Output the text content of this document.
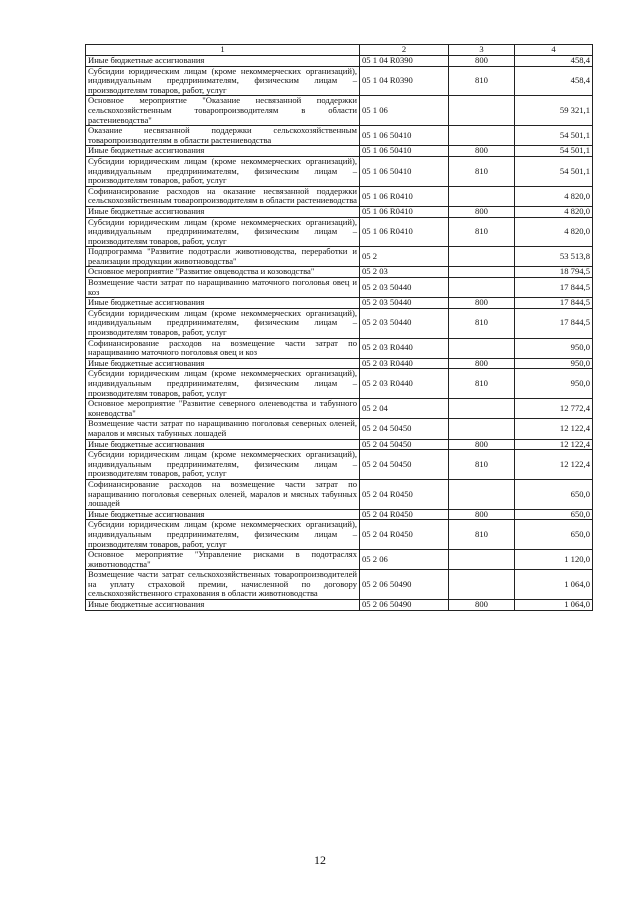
1	2	3	4
Иные бюджетные ассигнования	05 1 04 R0390	800	458,4
Субсидии юридическим лицам (кроме некоммерческих организаций), индивидуальным предпринимателям, физическим лицам – производителям товаров, работ, услуг	05 1 04 R0390	810	458,4
Основное мероприятие "Оказание несвязанной поддержки сельскохозяйственным товаропроизводителям в области растениеводства"	05 1 06		59 321,1
Оказание несвязанной поддержки сельскохозяйственным товаропроизводителям в области растениеводства	05 1 06 50410		54 501,1
Иные бюджетные ассигнования	05 1 06 50410	800	54 501,1
Субсидии юридическим лицам (кроме некоммерческих организаций), индивидуальным предпринимателям, физическим лицам – производителям товаров, работ, услуг	05 1 06 50410	810	54 501,1
Софинансирование расходов на оказание несвязанной поддержки сельскохозяйственным товаропроизводителям в области растениеводства	05 1 06 R0410		4 820,0
Иные бюджетные ассигнования	05 1 06 R0410	800	4 820,0
Субсидии юридическим лицам (кроме некоммерческих организаций), индивидуальным предпринимателям, физическим лицам – производителям товаров, работ, услуг	05 1 06 R0410	810	4 820,0
Подпрограмма "Развитие подотрасли животноводства, переработки и реализации продукции животноводства"	05 2		53 513,8
Основное мероприятие "Развитие овцеводства и козоводства"	05 2 03		18 794,5
Возмещение части затрат по наращиванию маточного поголовья овец и коз	05 2 03 50440		17 844,5
Иные бюджетные ассигнования	05 2 03 50440	800	17 844,5
Субсидии юридическим лицам (кроме некоммерческих организаций), индивидуальным предпринимателям, физическим лицам – производителям товаров, работ, услуг	05 2 03 50440	810	17 844,5
Софинансирование расходов на возмещение части затрат по наращиванию маточного поголовья овец и коз	05 2 03 R0440		950,0
Иные бюджетные ассигнования	05 2 03 R0440	800	950,0
Субсидии юридическим лицам (кроме некоммерческих организаций), индивидуальным предпринимателям, физическим лицам – производителям товаров, работ, услуг	05 2 03 R0440	810	950,0
Основное мероприятие "Развитие северного оленеводства и табунного коневодства"	05 2 04		12 772,4
Возмещение части затрат по наращиванию поголовья северных оленей, маралов и мясных табунных лошадей	05 2 04 50450		12 122,4
Иные бюджетные ассигнования	05 2 04 50450	800	12 122,4
Субсидии юридическим лицам (кроме некоммерческих организаций), индивидуальным предпринимателям, физическим лицам – производителям товаров, работ, услуг	05 2 04 50450	810	12 122,4
Софинансирование расходов на возмещение части затрат по наращиванию поголовья северных оленей, маралов и мясных табунных лошадей	05 2 04 R0450		650,0
Иные бюджетные ассигнования	05 2 04 R0450	800	650,0
Субсидии юридическим лицам (кроме некоммерческих организаций), индивидуальным предпринимателям, физическим лицам – производителям товаров, работ, услуг	05 2 04 R0450	810	650,0
Основное мероприятие "Управление рисками в подотраслях животноводства"	05 2 06		1 120,0
Возмещение части затрат сельскохозяйственных товаропроизводителей на уплату страховой премии, начисленной по договору сельскохозяйственного страхования в области животноводства	05 2 06 50490		1 064,0
Иные бюджетные ассигнования	05 2 06 50490	800	1 064,0
12
